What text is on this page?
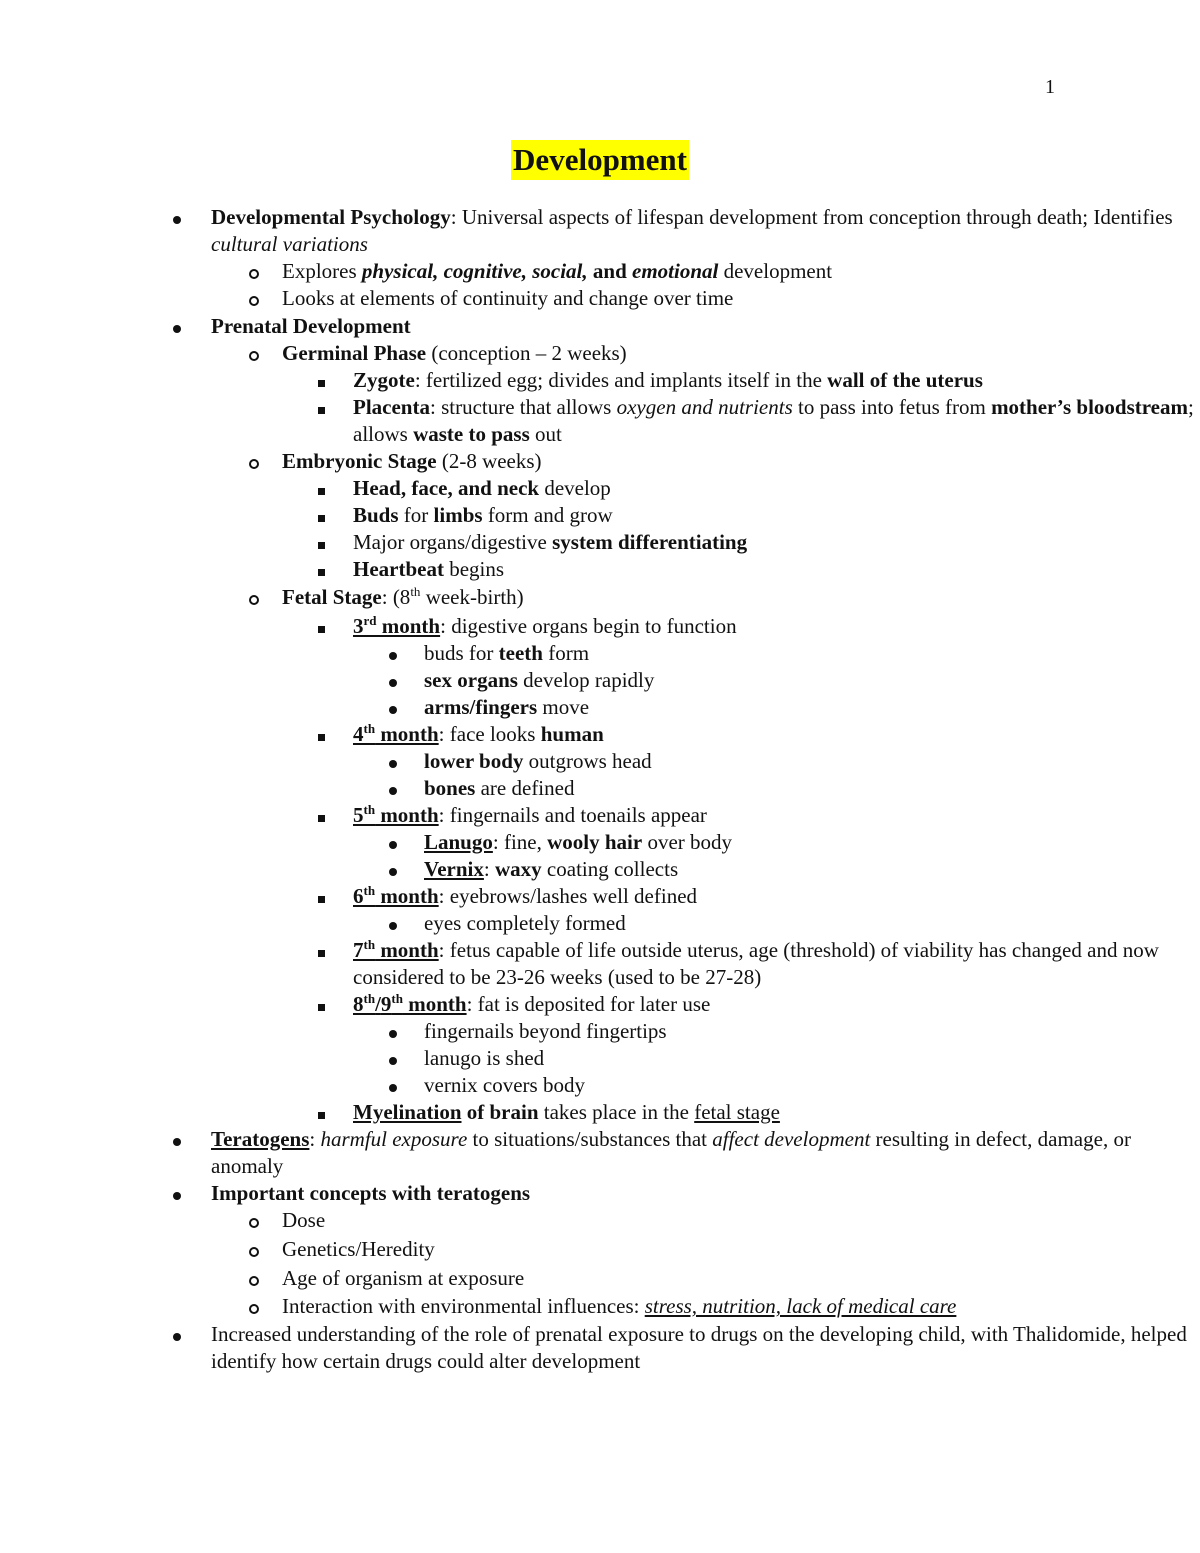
1
Development
Developmental Psychology: Universal aspects of lifespan development from conception through death; Identifies cultural variations
Explores physical, cognitive, social, and emotional development
Looks at elements of continuity and change over time
Prenatal Development
Germinal Phase (conception – 2 weeks)
Zygote: fertilized egg; divides and implants itself in the wall of the uterus
Placenta: structure that allows oxygen and nutrients to pass into fetus from mother’s bloodstream; allows waste to pass out
Embryonic Stage (2-8 weeks)
Head, face, and neck develop
Buds for limbs form and grow
Major organs/digestive system differentiating
Heartbeat begins
Fetal Stage: (8th week-birth)
3rd month: digestive organs begin to function
buds for teeth form
sex organs develop rapidly
arms/fingers move
4th month: face looks human
lower body outgrows head
bones are defined
5th month: fingernails and toenails appear
Lanugo: fine, wooly hair over body
Vernix: waxy coating collects
6th month: eyebrows/lashes well defined
eyes completely formed
7th month: fetus capable of life outside uterus, age (threshold) of viability has changed and now considered to be 23-26 weeks (used to be 27-28)
8th/9th month: fat is deposited for later use
fingernails beyond fingertips
lanugo is shed
vernix covers body
Myelination of brain takes place in the fetal stage
Teratogens: harmful exposure to situations/substances that affect development resulting in defect, damage, or anomaly
Important concepts with teratogens
Dose
Genetics/Heredity
Age of organism at exposure
Interaction with environmental influences: stress, nutrition, lack of medical care
Increased understanding of the role of prenatal exposure to drugs on the developing child, with Thalidomide, helped identify how certain drugs could alter development
